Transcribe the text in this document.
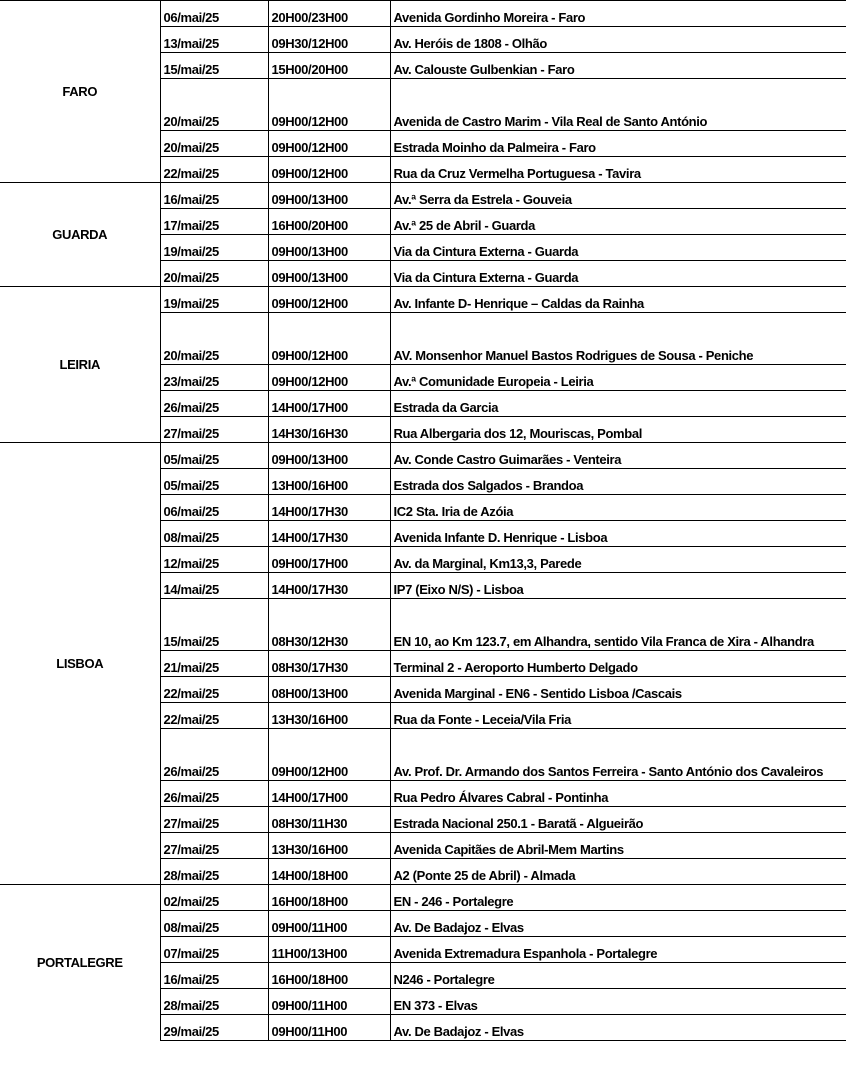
FARO	06/mai/25	20H00/23H00	Avenida Gordinho Moreira - Faro
	13/mai/25	09H30/12H00	Av. Heróis de 1808 - Olhão
	15/mai/25	15H00/20H00	Av. Calouste Gulbenkian - Faro
	20/mai/25	09H00/12H00	Avenida de Castro Marim - Vila Real de Santo António
	20/mai/25	09H00/12H00	Estrada Moinho da Palmeira - Faro
	22/mai/25	09H00/12H00	Rua da Cruz Vermelha Portuguesa - Tavira
GUARDA	16/mai/25	09H00/13H00	Av.ª Serra da Estrela - Gouveia
	17/mai/25	16H00/20H00	Av.ª 25 de Abril - Guarda
	19/mai/25	09H00/13H00	Via da Cintura Externa - Guarda
	20/mai/25	09H00/13H00	Via da Cintura Externa - Guarda
LEIRIA	19/mai/25	09H00/12H00	Av. Infante D- Henrique – Caldas da Rainha
	20/mai/25	09H00/12H00	AV. Monsenhor Manuel Bastos Rodrigues de Sousa - Peniche
	23/mai/25	09H00/12H00	Av.ª Comunidade Europeia - Leiria
	26/mai/25	14H00/17H00	Estrada da Garcia
	27/mai/25	14H30/16H30	Rua Albergaria dos 12, Mouriscas, Pombal
LISBOA	05/mai/25	09H00/13H00	Av. Conde Castro Guimarães - Venteira
	05/mai/25	13H00/16H00	Estrada dos Salgados - Brandoa
	06/mai/25	14H00/17H30	IC2 Sta. Iria de Azóia
	08/mai/25	14H00/17H30	Avenida Infante D. Henrique - Lisboa
	12/mai/25	09H00/17H00	Av. da Marginal, Km13,3, Parede
	14/mai/25	14H00/17H30	IP7 (Eixo N/S) - Lisboa
	15/mai/25	08H30/12H30	EN 10, ao Km 123.7, em Alhandra, sentido Vila Franca de Xira - Alhandra
	21/mai/25	08H30/17H30	Terminal 2 - Aeroporto Humberto Delgado
	22/mai/25	08H00/13H00	Avenida Marginal - EN6 - Sentido Lisboa /Cascais
	22/mai/25	13H30/16H00	Rua da Fonte - Leceia/Vila Fria
	26/mai/25	09H00/12H00	Av. Prof. Dr. Armando dos Santos Ferreira - Santo António dos Cavaleiros
	26/mai/25	14H00/17H00	Rua Pedro Álvares Cabral - Pontinha
	27/mai/25	08H30/11H30	Estrada Nacional 250.1 - Baratã - Algueirão
	27/mai/25	13H30/16H00	Avenida Capitães de Abril-Mem Martins
	28/mai/25	14H00/18H00	A2 (Ponte 25 de Abril) - Almada
PORTALEGRE	02/mai/25	16H00/18H00	EN - 246 - Portalegre
	08/mai/25	09H00/11H00	Av. De Badajoz - Elvas
	07/mai/25	11H00/13H00	Avenida Extremadura Espanhola - Portalegre
	16/mai/25	16H00/18H00	N246 - Portalegre
	28/mai/25	09H00/11H00	EN 373 - Elvas
	29/mai/25	09H00/11H00	Av. De Badajoz - Elvas
